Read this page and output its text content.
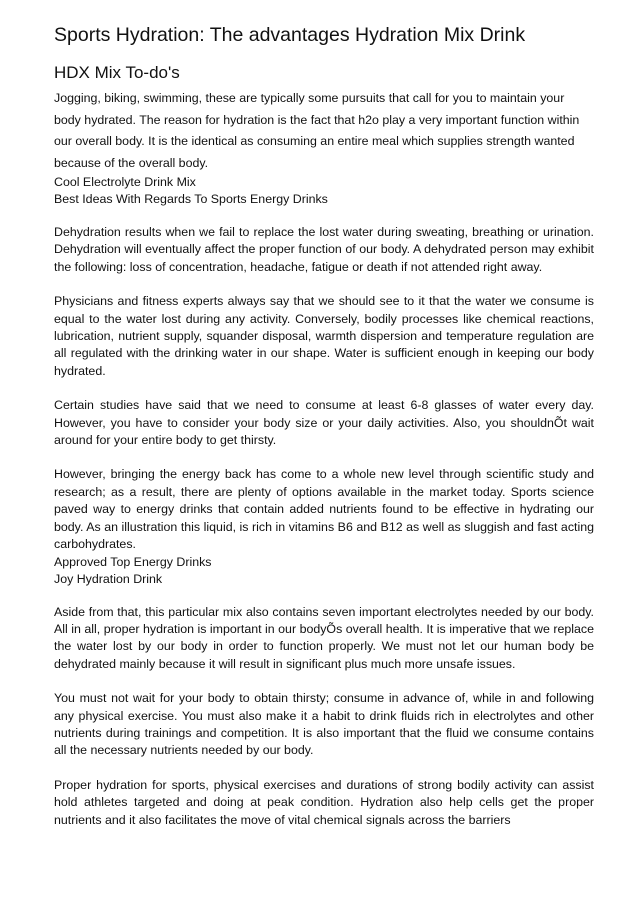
Sports Hydration: The advantages Hydration Mix Drink
HDX Mix To-do's

Jogging, biking, swimming, these are typically some pursuits that call for you to maintain your body hydrated. The reason for hydration is the fact that h2o play a very important function within our overall body. It is the identical as consuming an entire meal which supplies strength wanted because of the overall body.

Cool Electrolyte Drink Mix
Best Ideas With Regards To Sports Energy Drinks

Dehydration results when we fail to replace the lost water during sweating, breathing or urination. Dehydration will eventually affect the proper function of our body. A dehydrated person may exhibit the following: loss of concentration, headache, fatigue or death if not attended right away.

Physicians and fitness experts always say that we should see to it that the water we consume is equal to the water lost during any activity. Conversely, bodily processes like chemical reactions, lubrication, nutrient supply, squander disposal, warmth dispersion and temperature regulation are all regulated with the drinking water in our shape. Water is sufficient enough in keeping our body hydrated.

Certain studies have said that we need to consume at least 6-8 glasses of water every day. However, you have to consider your body size or your daily activities. Also, you shouldnÕt wait around for your entire body to get thirsty.

However, bringing the energy back has come to a whole new level through scientific study and research; as a result, there are plenty of options available in the market today. Sports science paved way to energy drinks that contain added nutrients found to be effective in hydrating our body. As an illustration this liquid, is rich in vitamins B6 and B12 as well as sluggish and fast acting carbohydrates.

Approved Top Energy Drinks
Joy Hydration Drink

Aside from that, this particular mix also contains seven important electrolytes needed by our body. All in all, proper hydration is important in our bodyÕs overall health. It is imperative that we replace the water lost by our body in order to function properly. We must not let our human body be dehydrated mainly because it will result in significant plus much more unsafe issues.

You must not wait for your body to obtain thirsty; consume in advance of, while in and following any physical exercise. You must also make it a habit to drink fluids rich in electrolytes and other nutrients during trainings and competition. It is also important that the fluid we consume contains all the necessary nutrients needed by our body.

Proper hydration for sports, physical exercises and durations of strong bodily activity can assist hold athletes targeted and doing at peak condition. Hydration also help cells get the proper nutrients and it also facilitates the move of vital chemical signals across the barriers
